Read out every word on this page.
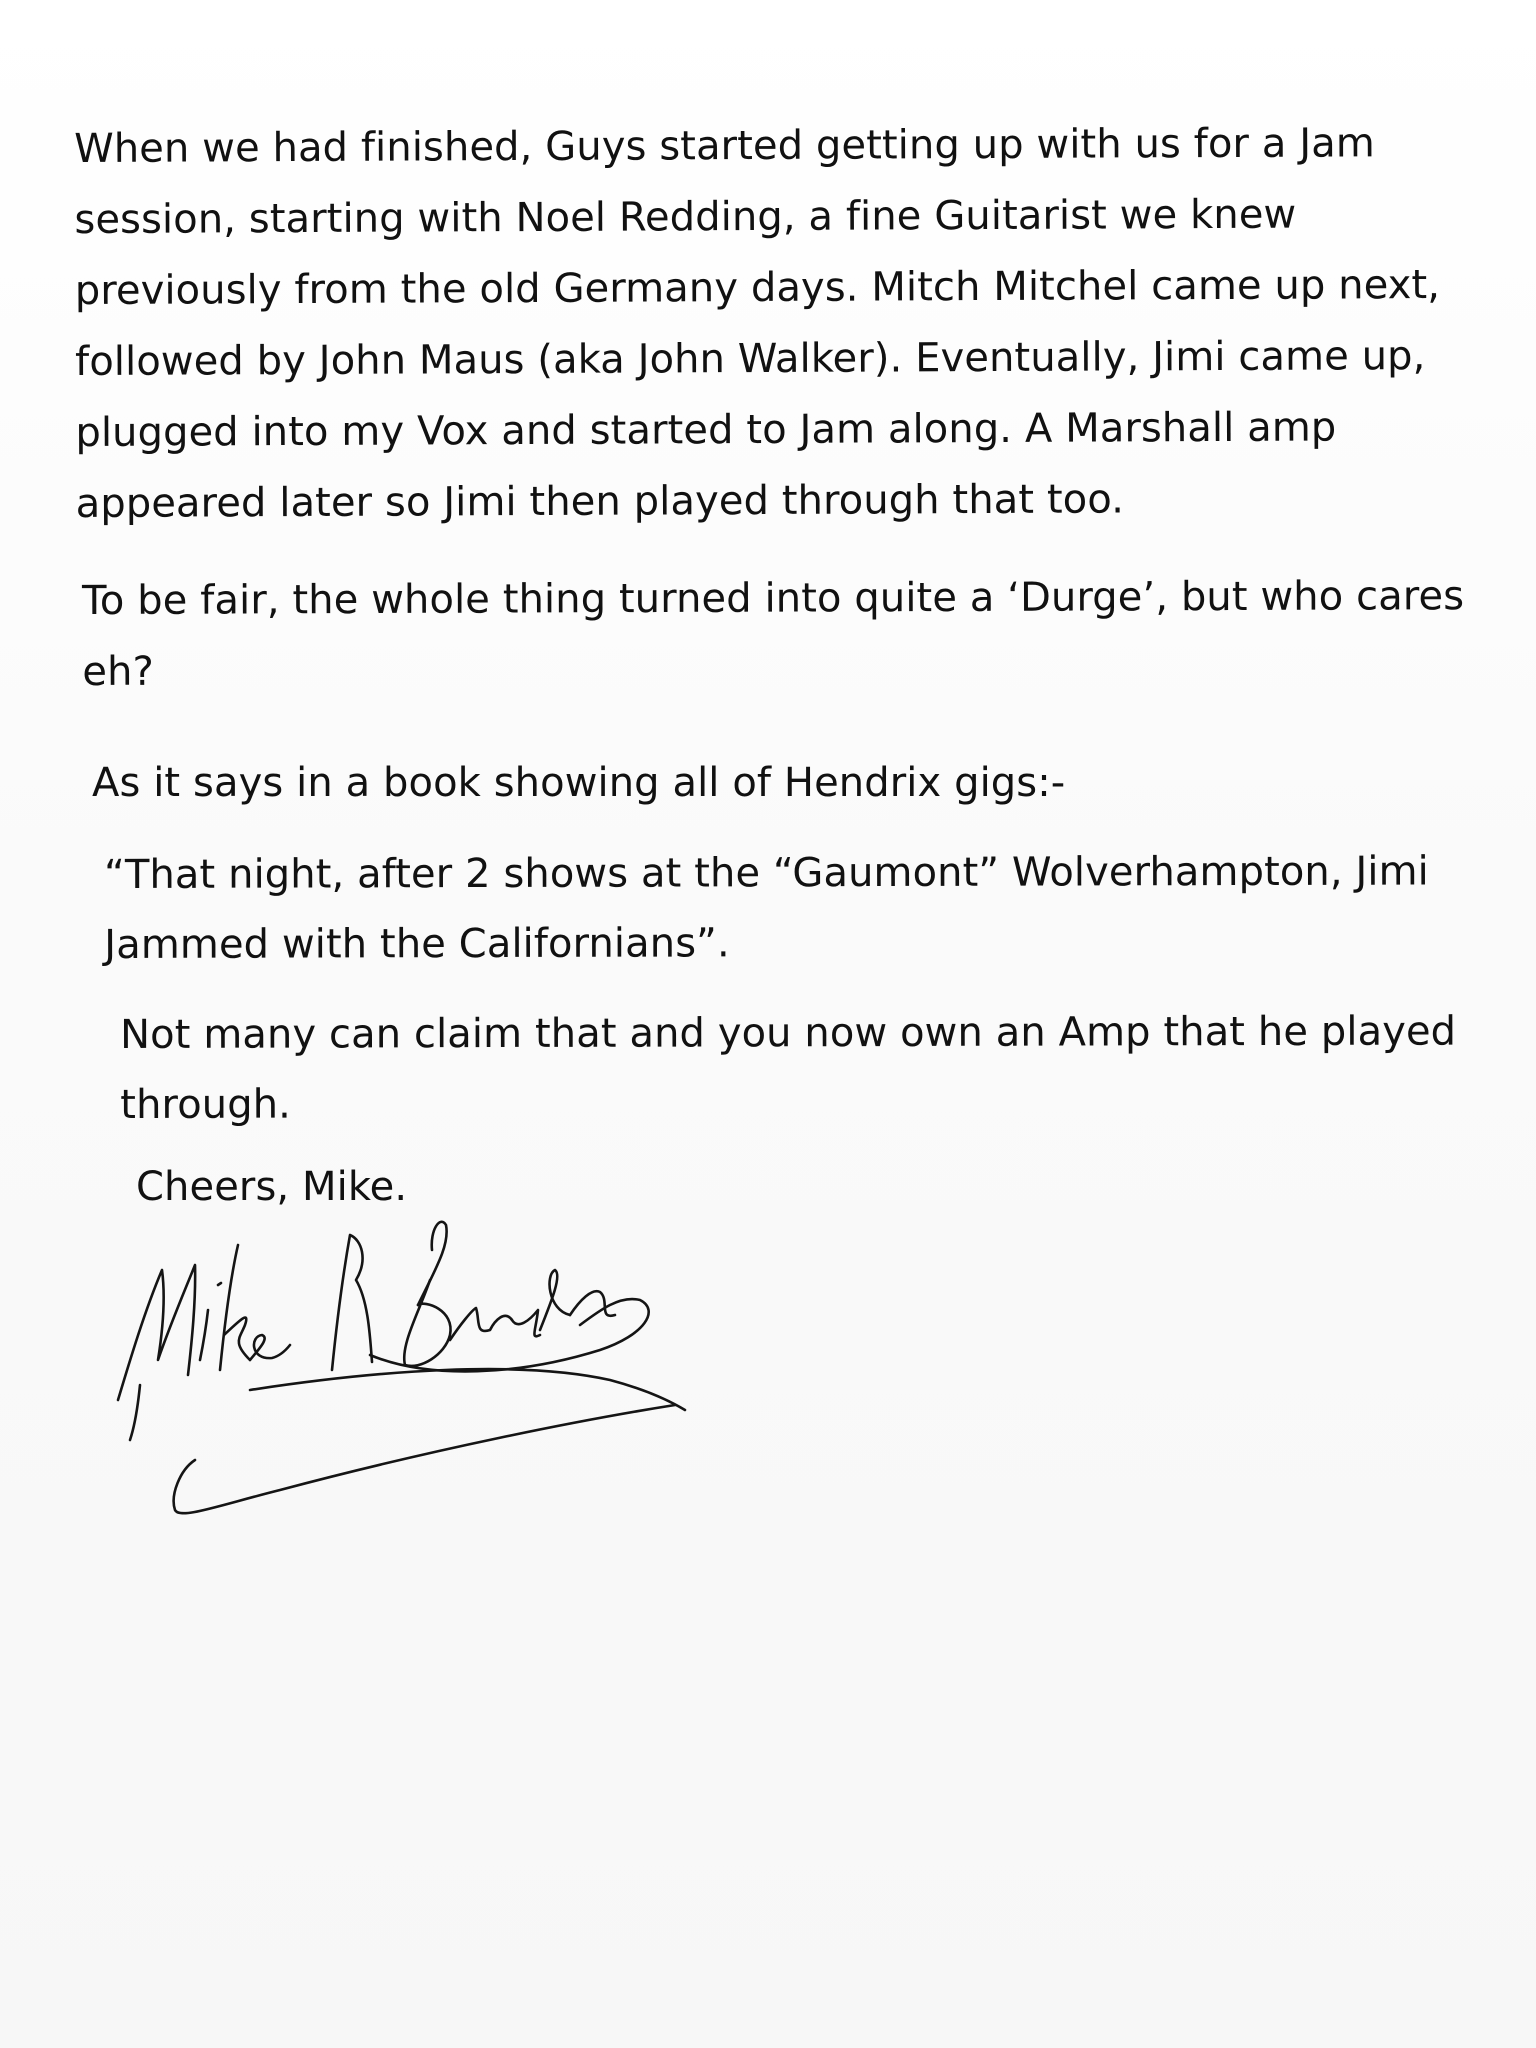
When we had finished, Guys started getting up with us for a Jam session, starting with Noel Redding, a fine Guitarist we knew previously from the old Germany days. Mitch Mitchel came up next, followed by John Maus (aka John Walker). Eventually, Jimi came up, plugged into my Vox and started to Jam along. A Marshall amp appeared later so Jimi then played through that too.

To be fair, the whole thing turned into quite a ‘Durge’, but who cares eh?

As it says in a book showing all of Hendrix gigs:-

“That night, after 2 shows at the “Gaumont” Wolverhampton, Jimi Jammed with the Californians”.

Not many can claim that and you now own an Amp that he played through.

Cheers, Mike.
